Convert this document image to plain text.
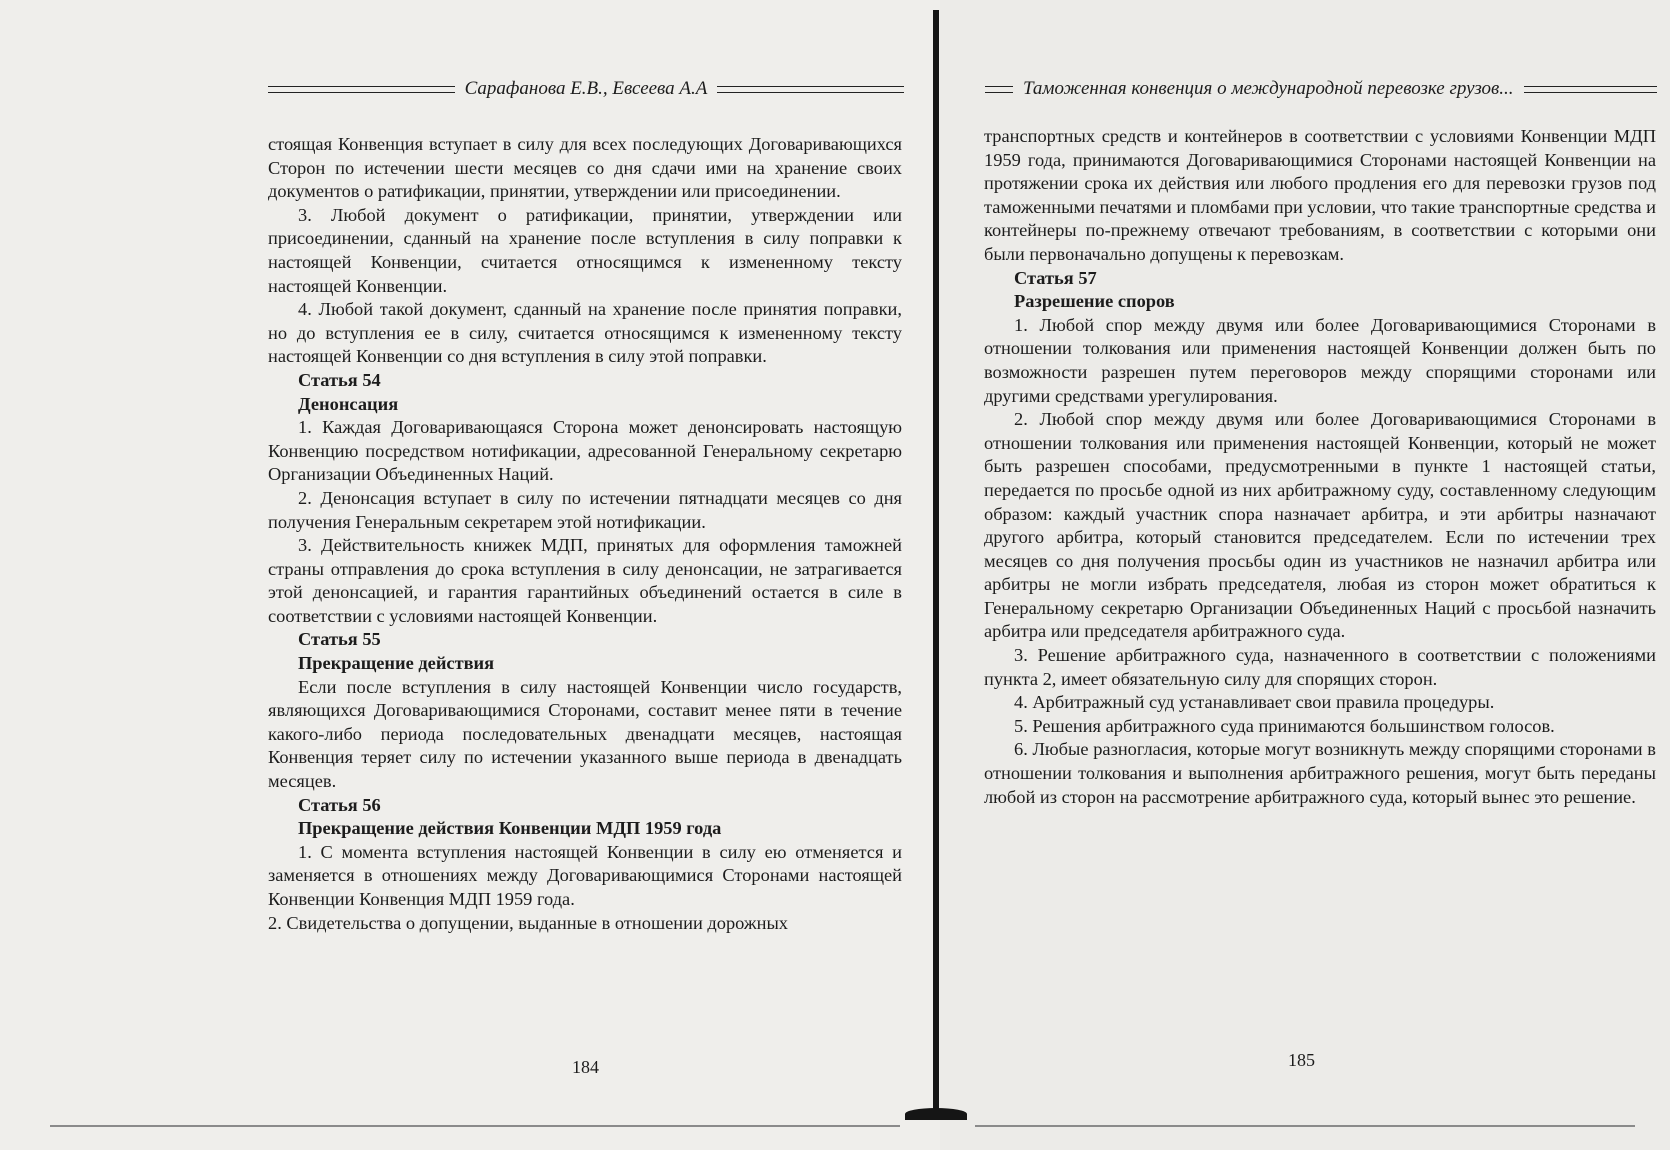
Сарафанова Е.В., Евсеева А.А

стоящая Конвенция вступает в силу для всех последующих Договаривающихся Сторон по истечении шести месяцев со дня сдачи ими на хранение своих документов о ратификации, принятии, утверждении или присоединении.

3. Любой документ о ратификации, принятии, утверждении или присоединении, сданный на хранение после вступления в силу поправки к настоящей Конвенции, считается относящимся к измененному тексту настоящей Конвенции.

4. Любой такой документ, сданный на хранение после принятия поправки, но до вступления ее в силу, считается относящимся к измененному тексту настоящей Конвенции со дня вступления в силу этой поправки.

Статья 54

Денонсация

1. Каждая Договаривающаяся Сторона может денонсировать настоящую Конвенцию посредством нотификации, адресованной Генеральному секретарю Организации Объединенных Наций.

2. Денонсация вступает в силу по истечении пятнадцати месяцев со дня получения Генеральным секретарем этой нотификации.

3. Действительность книжек МДП, принятых для оформления таможней страны отправления до срока вступления в силу денонсации, не затрагивается этой денонсацией, и гарантия гарантийных объединений остается в силе в соответствии с условиями настоящей Конвенции.

Статья 55

Прекращение действия

Если после вступления в силу настоящей Конвенции число государств, являющихся Договаривающимися Сторонами, составит менее пяти в течение какого-либо периода последовательных двенадцати месяцев, настоящая Конвенция теряет силу по истечении указанного выше периода в двенадцать месяцев.

Статья 56

Прекращение действия Конвенции МДП 1959 года

1. С момента вступления настоящей Конвенции в силу ею отменяется и заменяется в отношениях между Договаривающимися Сторонами настоящей Конвенции Конвенция МДП 1959 года.

2. Свидетельства о допущении, выданные в отношении дорожных

184
Таможенная конвенция о международной перевозке грузов...

транспортных средств и контейнеров в соответствии с условиями Конвенции МДП 1959 года, принимаются Договаривающимися Сторонами настоящей Конвенции на протяжении срока их действия или любого продления его для перевозки грузов под таможенными печатями и пломбами при условии, что такие транспортные средства и контейнеры по-прежнему отвечают требованиям, в соответствии с которыми они были первоначально допущены к перевозкам.

Статья 57

Разрешение споров

1. Любой спор между двумя или более Договаривающимися Сторонами в отношении толкования или применения настоящей Конвенции должен быть по возможности разрешен путем переговоров между спорящими сторонами или другими средствами урегулирования.

2. Любой спор между двумя или более Договаривающимися Сторонами в отношении толкования или применения настоящей Конвенции, который не может быть разрешен способами, предусмотренными в пункте 1 настоящей статьи, передается по просьбе одной из них арбитражному суду, составленному следующим образом: каждый участник спора назначает арбитра, и эти арбитры назначают другого арбитра, который становится председателем. Если по истечении трех месяцев со дня получения просьбы один из участников не назначил арбитра или арбитры не могли избрать председателя, любая из сторон может обратиться к Генеральному секретарю Организации Объединенных Наций с просьбой назначить арбитра или председателя арбитражного суда.

3. Решение арбитражного суда, назначенного в соответствии с положениями пункта 2, имеет обязательную силу для спорящих сторон.

4. Арбитражный суд устанавливает свои правила процедуры.

5. Решения арбитражного суда принимаются большинством голосов.

6. Любые разногласия, которые могут возникнуть между спорящими сторонами в отношении толкования и выполнения арбитражного решения, могут быть переданы любой из сторон на рассмотрение арбитражного суда, который вынес это решение.

185
